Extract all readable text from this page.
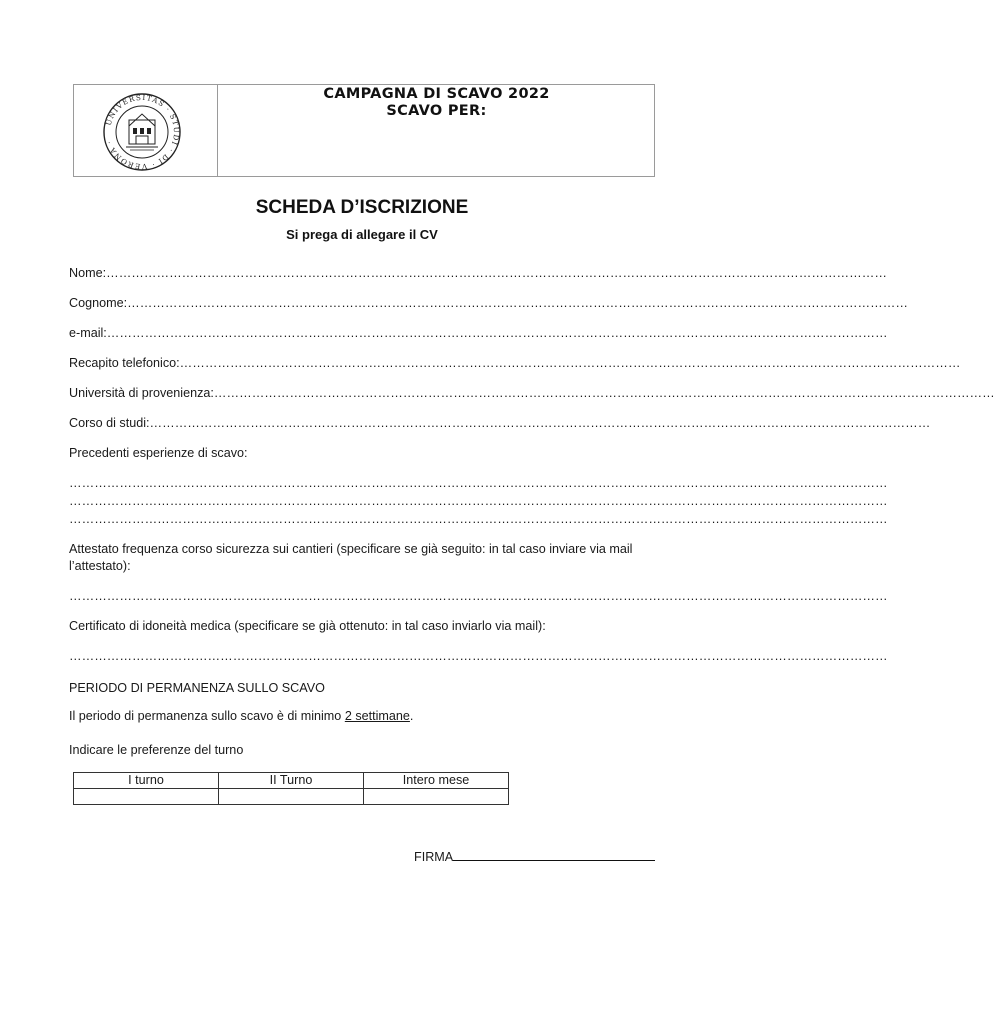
UNIVERSITAS · STUDI · DI · VERONA ·
CAMPAGNA DI SCAVO 2022
SCAVO PER:
SCHEDA D’ISCRIZIONE
Si prega di allegare il CV
Nome:……………………………………………………………………………………………………………………………………………………………………
Cognome:……………………………………………………………………………………………………………………………………………………………………
e-mail:……………………………………………………………………………………………………………………………………………………………………
Recapito telefonico:……………………………………………………………………………………………………………………………………………………………………
Università di provenienza:……………………………………………………………………………………………………………………………………………………………………
Corso di studi:……………………………………………………………………………………………………………………………………………………………………
Precedenti esperienze di scavo:
……………………………………………………………………………………………………………………………………………………………………………
……………………………………………………………………………………………………………………………………………………………………………
……………………………………………………………………………………………………………………………………………………………………………
Attestato frequenza corso sicurezza sui cantieri (specificare se già seguito: in tal caso inviare via mail l’attestato):
……………………………………………………………………………………………………………………………………………………………………………
Certificato di idoneità medica (specificare se già ottenuto: in tal caso inviarlo via mail):
……………………………………………………………………………………………………………………………………………………………………………
PERIODO DI PERMANENZA SULLO SCAVO
Il periodo di permanenza sullo scavo è di minimo 2 settimane.
Indicare le preferenze del turno
I turno	II Turno	Intero mese

FIRMA
